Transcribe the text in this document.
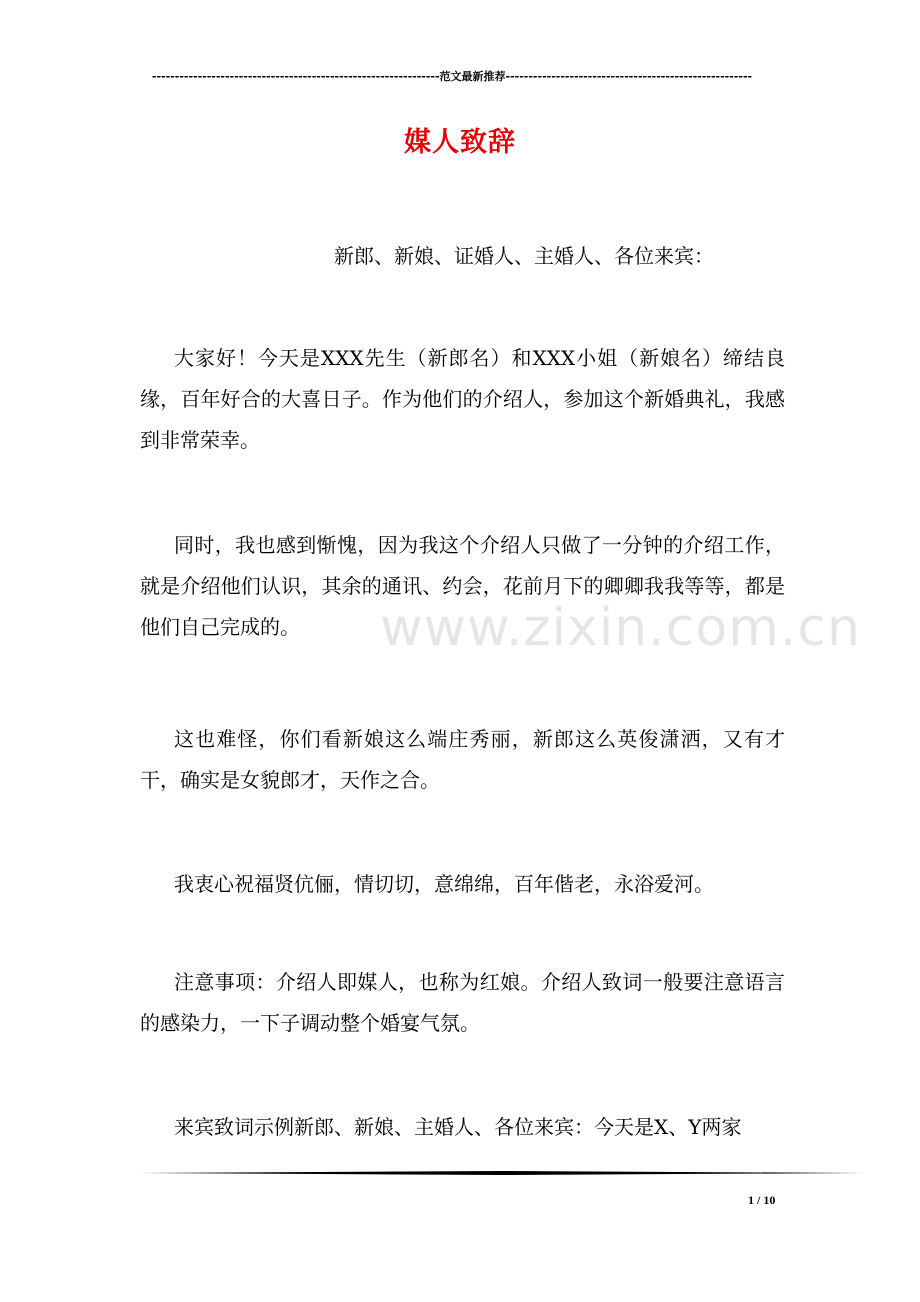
---------------------------------------------------------------范文最新推荐------------------------------------------------------
媒人致辞
新郎、新娘、证婚人、主婚人、各位来宾：

大家好！今天是XXX先生（新郎名）和XXX小姐（新娘名）缔结良缘，百年好合的大喜日子。作为他们的介绍人，参加这个新婚典礼，我感到非常荣幸。

同时，我也感到惭愧，因为我这个介绍人只做了一分钟的介绍工作，就是介绍他们认识，其余的通讯、约会，花前月下的卿卿我我等等，都是他们自己完成的。

这也难怪，你们看新娘这么端庄秀丽，新郎这么英俊潇洒，又有才干，确实是女貌郎才，天作之合。

我衷心祝福贤伉俪，情切切，意绵绵，百年偕老，永浴爱河。

注意事项：介绍人即媒人，也称为红娘。介绍人致词一般要注意语言的感染力，一下子调动整个婚宴气氛。

来宾致词示例新郎、新娘、主婚人、各位来宾：今天是X、Y两家

www.zixin.com.cn
1 / 10
